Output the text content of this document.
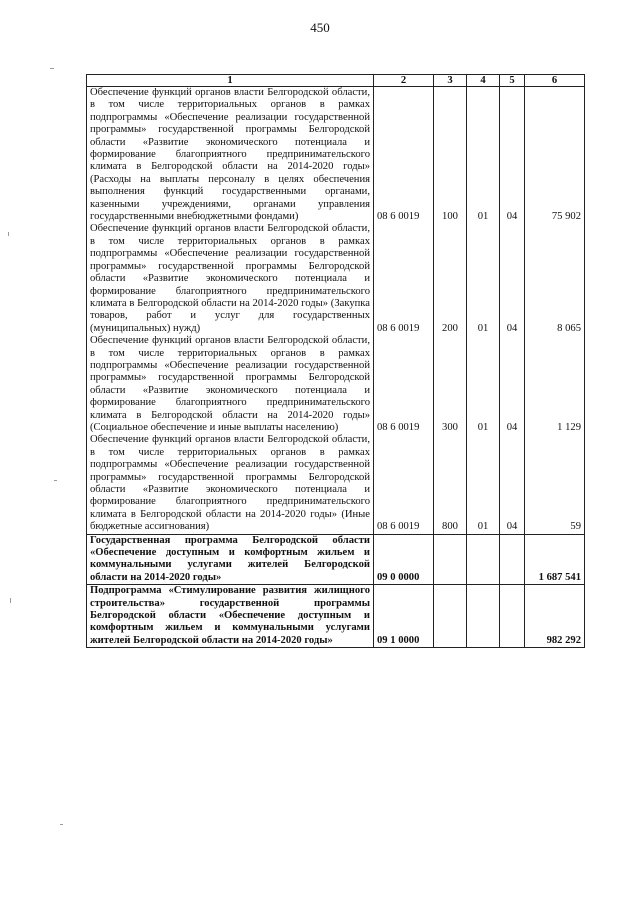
450
1	2	3	4	5	6
Обеспечение функций органов власти Белгородской области, в том числе территориальных органов в рамках подпрограммы «Обеспечение реализации государственной программы» государственной программы Белгородской области «Развитие экономического потенциала и формирование благоприятного предпринимательского климата в Белгородской области на 2014-2020 годы» (Расходы на выплаты персоналу в целях обеспечения выполнения функций государственными органами, казенными учреждениями, органами управления государственными внебюджетными фондами)	08 6 0019	100	01	04	75 902
Обеспечение функций органов власти Белгородской области, в том числе территориальных органов в рамках подпрограммы «Обеспечение реализации государственной программы» государственной программы Белгородской области «Развитие экономического потенциала и формирование благоприятного предпринимательского климата в Белгородской области на 2014-2020 годы» (Закупка товаров, работ и услуг для государственных (муниципальных) нужд)	08 6 0019	200	01	04	8 065
Обеспечение функций органов власти Белгородской области, в том числе территориальных органов в рамках подпрограммы «Обеспечение реализации государственной программы» государственной программы Белгородской области «Развитие экономического потенциала и формирование благоприятного предпринимательского климата в Белгородской области на 2014-2020 годы» (Социальное обеспечение и иные выплаты населению)	08 6 0019	300	01	04	1 129
Обеспечение функций органов власти Белгородской области, в том числе территориальных органов в рамках подпрограммы «Обеспечение реализации государственной программы» государственной программы Белгородской области «Развитие экономического потенциала и формирование благоприятного предпринимательского климата в Белгородской области на 2014-2020 годы» (Иные бюджетные ассигнования)	08 6 0019	800	01	04	59
Государственная программа Белгородской области «Обеспечение доступным и комфортным жильем и коммунальными услугами жителей Белгородской области на 2014-2020 годы»	09 0 0000				1 687 541
Подпрограмма «Стимулирование развития жилищного строительства» государственной программы Белгородской области «Обеспечение доступным и комфортным жильем и коммунальными услугами жителей Белгородской области на 2014-2020 годы»	09 1 0000				982 292
